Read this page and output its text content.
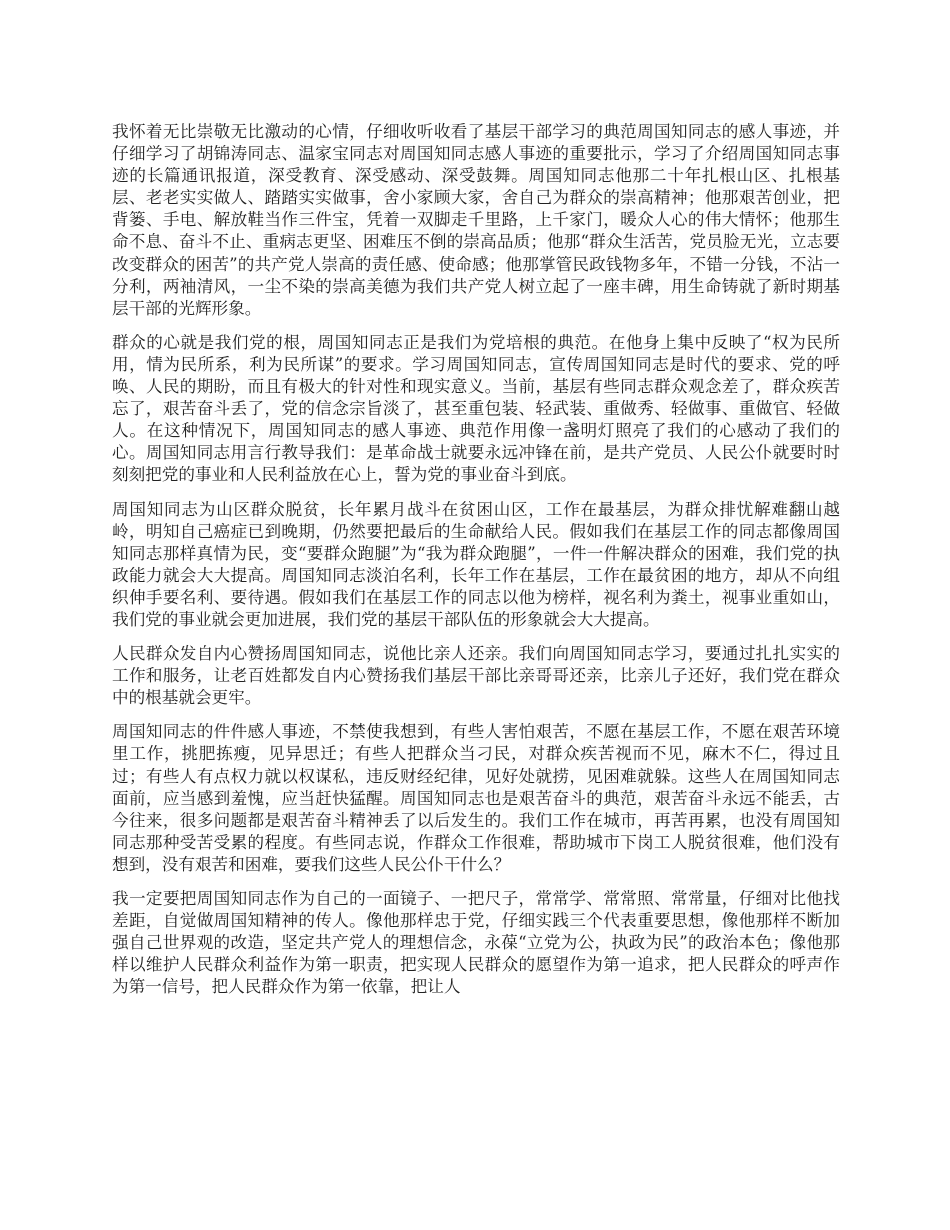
我怀着无比崇敬无比激动的心情，仔细收听收看了基层干部学习的典范周国知同志的感人事迹，并仔细学习了胡锦涛同志、温家宝同志对周国知同志感人事迹的重要批示，学习了介绍周国知同志事迹的长篇通讯报道，深受教育、深受感动、深受鼓舞。周国知同志他那二十年扎根山区、扎根基层、老老实实做人、踏踏实实做事，舍小家顾大家，舍自己为群众的崇高精神；他那艰苦创业，把背篓、手电、解放鞋当作三件宝，凭着一双脚走千里路，上千家门，暖众人心的伟大情怀；他那生命不息、奋斗不止、重病志更坚、困难压不倒的崇高品质；他那“群众生活苦，党员脸无光，立志要改变群众的困苦”的共产党人崇高的责任感、使命感；他那掌管民政钱物多年，不错一分钱，不沾一分利，两袖清风，一尘不染的崇高美德为我们共产党人树立起了一座丰碑，用生命铸就了新时期基层干部的光辉形象。

群众的心就是我们党的根，周国知同志正是我们为党培根的典范。在他身上集中反映了“权为民所用，情为民所系，利为民所谋”的要求。学习周国知同志，宣传周国知同志是时代的要求、党的呼唤、人民的期盼，而且有极大的针对性和现实意义。当前，基层有些同志群众观念差了，群众疾苦忘了，艰苦奋斗丢了，党的信念宗旨淡了，甚至重包装、轻武装、重做秀、轻做事、重做官、轻做人。在这种情况下，周国知同志的感人事迹、典范作用像一盏明灯照亮了我们的心感动了我们的心。周国知同志用言行教导我们：是革命战士就要永远冲锋在前，是共产党员、人民公仆就要时时刻刻把党的事业和人民利益放在心上，誓为党的事业奋斗到底。

周国知同志为山区群众脱贫，长年累月战斗在贫困山区，工作在最基层，为群众排忧解难翻山越岭，明知自己癌症已到晚期，仍然要把最后的生命献给人民。假如我们在基层工作的同志都像周国知同志那样真情为民，变“要群众跑腿”为“我为群众跑腿”，一件一件解决群众的困难，我们党的执政能力就会大大提高。周国知同志淡泊名利，长年工作在基层，工作在最贫困的地方，却从不向组织伸手要名利、要待遇。假如我们在基层工作的同志以他为榜样，视名利为粪土，视事业重如山，我们党的事业就会更加进展，我们党的基层干部队伍的形象就会大大提高。

人民群众发自内心赞扬周国知同志，说他比亲人还亲。我们向周国知同志学习，要通过扎扎实实的工作和服务，让老百姓都发自内心赞扬我们基层干部比亲哥哥还亲，比亲儿子还好，我们党在群众中的根基就会更牢。

周国知同志的件件感人事迹，不禁使我想到，有些人害怕艰苦，不愿在基层工作，不愿在艰苦环境里工作，挑肥拣瘦，见异思迁；有些人把群众当刁民，对群众疾苦视而不见，麻木不仁，得过且过；有些人有点权力就以权谋私，违反财经纪律，见好处就捞，见困难就躲。这些人在周国知同志面前，应当感到羞愧，应当赶快猛醒。周国知同志也是艰苦奋斗的典范，艰苦奋斗永远不能丢，古今往来，很多问题都是艰苦奋斗精神丢了以后发生的。我们工作在城市，再苦再累，也没有周国知同志那种受苦受累的程度。有些同志说，作群众工作很难，帮助城市下岗工人脱贫很难，他们没有想到，没有艰苦和困难，要我们这些人民公仆干什么？

我一定要把周国知同志作为自己的一面镜子、一把尺子，常常学、常常照、常常量，仔细对比他找差距，自觉做周国知精神的传人。像他那样忠于党，仔细实践三个代表重要思想，像他那样不断加强自己世界观的改造，坚定共产党人的理想信念，永葆“立党为公，执政为民”的政治本色；像他那样以维护人民群众利益作为第一职责，把实现人民群众的愿望作为第一追求，把人民群众的呼声作为第一信号，把人民群众作为第一依靠，把让人
